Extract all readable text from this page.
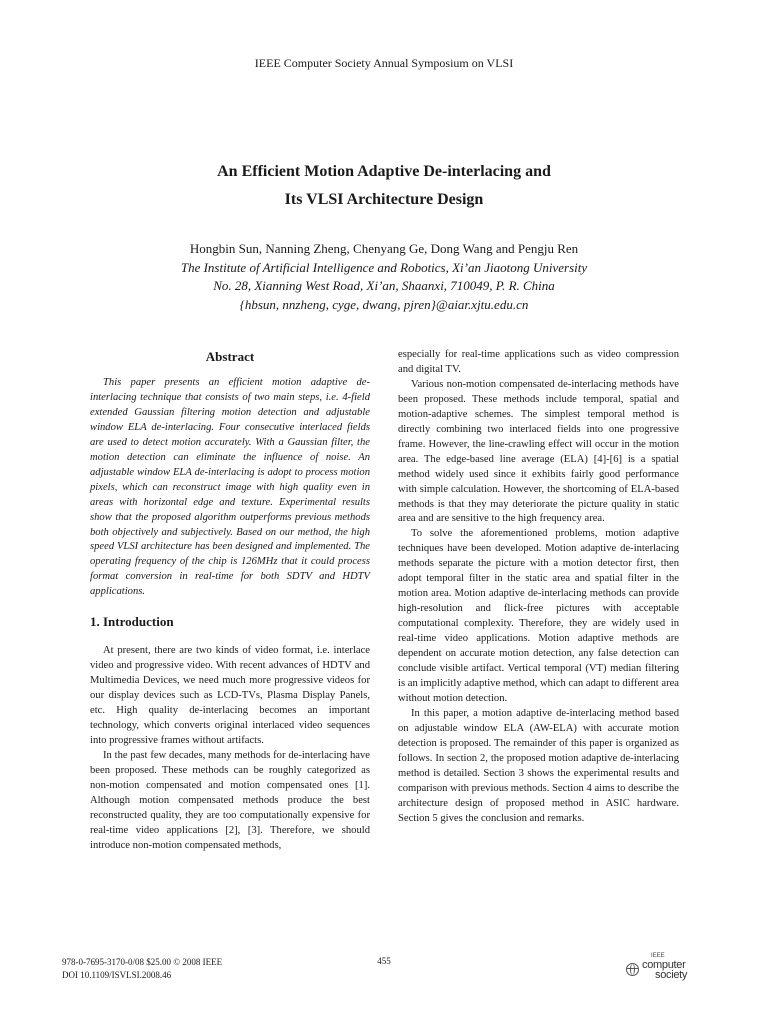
IEEE Computer Society Annual Symposium on VLSI
An Efficient Motion Adaptive De-interlacing and
Its VLSI Architecture Design
Hongbin Sun, Nanning Zheng, Chenyang Ge, Dong Wang and Pengju Ren
The Institute of Artificial Intelligence and Robotics, Xi’an Jiaotong University
No. 28, Xianning West Road, Xi’an, Shaanxi, 710049, P. R. China
{hbsun, nnzheng, cyge, dwang, pjren}@aiar.xjtu.edu.cn
Abstract

This paper presents an efficient motion adaptive de-interlacing technique that consists of two main steps, i.e. 4-field extended Gaussian filtering motion detection and adjustable window ELA de-interlacing. Four consecutive interlaced fields are used to detect motion accurately. With a Gaussian filter, the motion detection can eliminate the influence of noise. An adjustable window ELA de-interlacing is adopt to process motion pixels, which can reconstruct image with high quality even in areas with horizontal edge and texture. Experimental results show that the proposed algorithm outperforms previous methods both objectively and subjectively. Based on our method, the high speed VLSI architecture has been designed and implemented. The operating frequency of the chip is 126MHz that it could process format conversion in real-time for both SDTV and HDTV applications.

1. Introduction

At present, there are two kinds of video format, i.e. interlace video and progressive video. With recent advances of HDTV and Multimedia Devices, we need much more progressive videos for our display devices such as LCD-TVs, Plasma Display Panels, etc. High quality de-interlacing becomes an important technology, which converts original interlaced video sequences into progressive frames without artifacts.

In the past few decades, many methods for de-interlacing have been proposed. These methods can be roughly categorized as non-motion compensated and motion compensated ones [1]. Although motion compensated methods produce the best reconstructed quality, they are too computationally expensive for real-time video applications [2], [3]. Therefore, we should introduce non-motion compensated methods,

especially for real-time applications such as video compression and digital TV.

Various non-motion compensated de-interlacing methods have been proposed. These methods include temporal, spatial and motion-adaptive schemes. The simplest temporal method is directly combining two interlaced fields into one progressive frame. However, the line-crawling effect will occur in the motion area. The edge-based line average (ELA) [4]-[6] is a spatial method widely used since it exhibits fairly good performance with simple calculation. However, the shortcoming of ELA-based methods is that they may deteriorate the picture quality in static area and are sensitive to the high frequency area.

To solve the aforementioned problems, motion adaptive techniques have been developed. Motion adaptive de-interlacing methods separate the picture with a motion detector first, then adopt temporal filter in the static area and spatial filter in the motion area. Motion adaptive de-interlacing methods can provide high-resolution and flick-free pictures with acceptable computational complexity. Therefore, they are widely used in real-time video applications. Motion adaptive methods are dependent on accurate motion detection, any false detection can conclude visible artifact. Vertical temporal (VT) median filtering is an implicitly adaptive method, which can adapt to different area without motion detection.

In this paper, a motion adaptive de-interlacing method based on adjustable window ELA (AW-ELA) with accurate motion detection is proposed. The remainder of this paper is organized as follows. In section 2, the proposed motion adaptive de-interlacing method is detailed. Section 3 shows the experimental results and comparison with previous methods. Section 4 aims to describe the architecture design of proposed method in ASIC hardware. Section 5 gives the conclusion and remarks.

978-0-7695-3170-0/08 $25.00 © 2008 IEEE
DOI 10.1109/ISVLSI.2008.46
455	IEEE
computer
society
